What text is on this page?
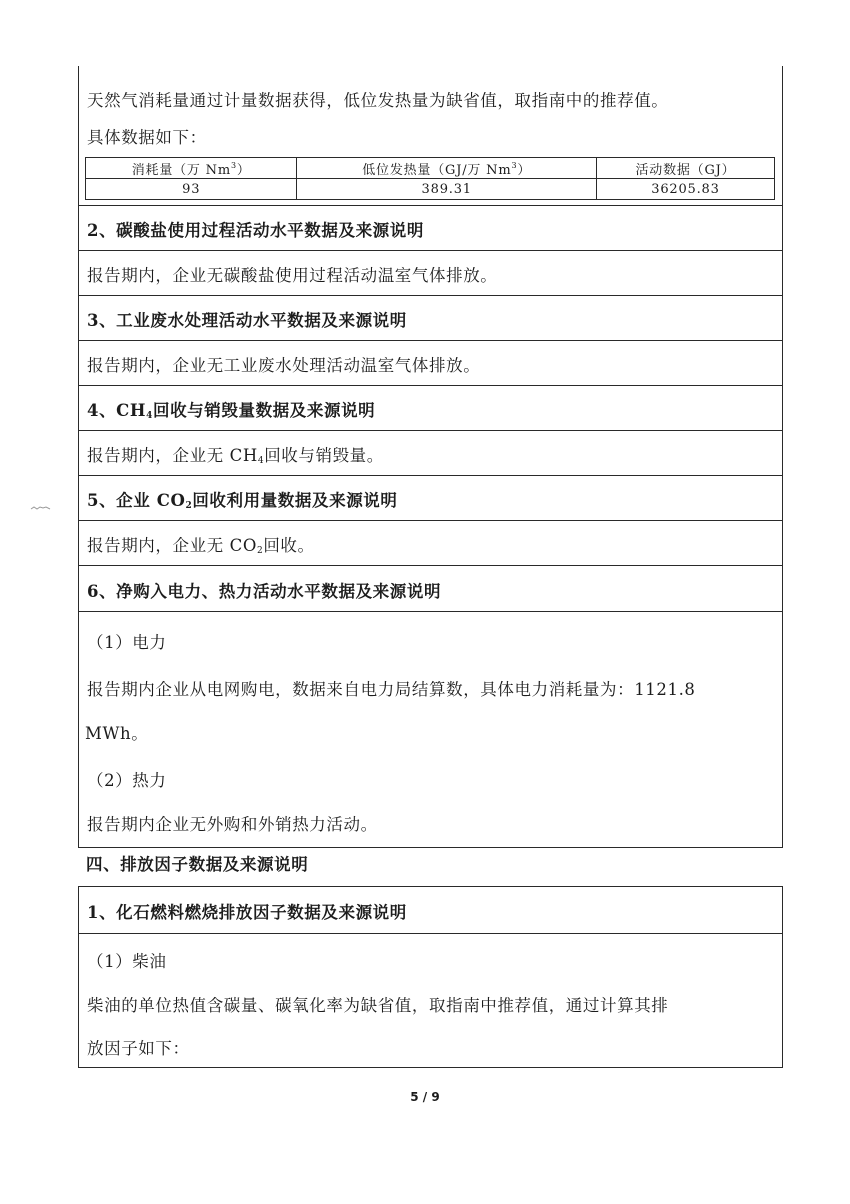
天然气消耗量通过计量数据获得，低位发热量为缺省值，取指南中的推荐值。
具体数据如下：
消耗量（万 Nm$^3$）	低位发热量（GJ/万 Nm$^3$）	活动数据（GJ）
93	389.31	36205.83
2、碳酸盐使用过程活动水平数据及来源说明
报告期内，企业无碳酸盐使用过程活动温室气体排放。
3、工业废水处理活动水平数据及来源说明
报告期内，企业无工业废水处理活动温室气体排放。
4、$CH_4$回收与销毁量数据及来源说明
报告期内，企业无 $CH_4$回收与销毁量。
5、企业 $CO_2$回收利用量数据及来源说明
报告期内，企业无 $CO_2$回收。
6、净购入电力、热力活动水平数据及来源说明
（1）电力
报告期内企业从电网购电，数据来自电力局结算数，具体电力消耗量为：1121.8
MWh。
（2）热力
报告期内企业无外购和外销热力活动。
四、排放因子数据及来源说明
1、化石燃料燃烧排放因子数据及来源说明
（1）柴油
柴油的单位热值含碳量、碳氧化率为缺省值，取指南中推荐值，通过计算其排
放因子如下：
5 / 9
